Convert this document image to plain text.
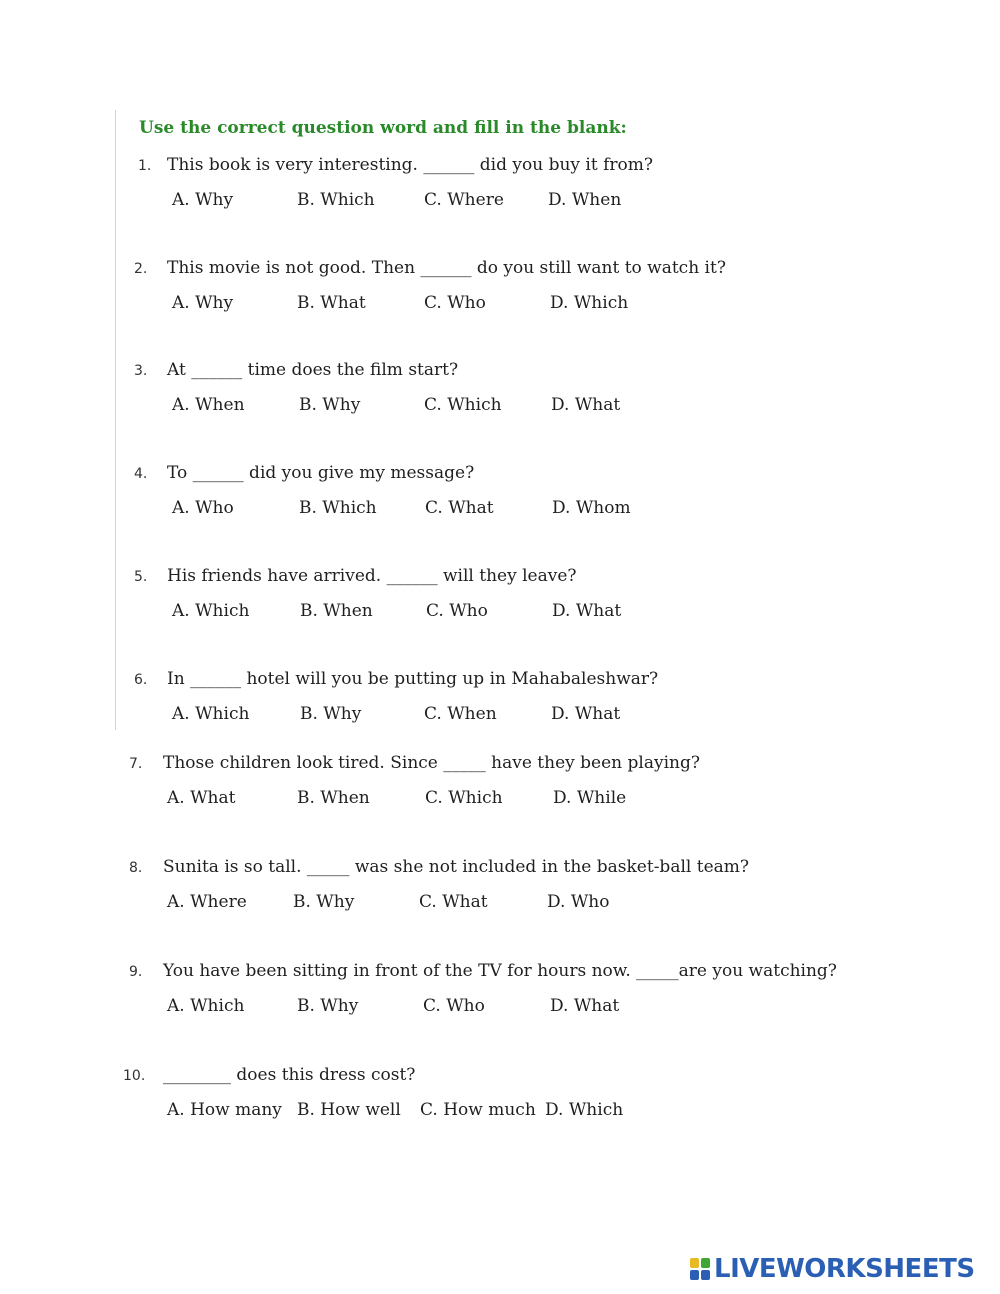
Use the correct question word and fill in the blank:
1. This book is very interesting. ______ did you buy it from?
A. Why	B. Which	C. Where	D. When
2. This movie is not good. Then ______ do you still want to watch it?
A. Why	B. What	C. Who	D. Which
3. At ______ time does the film start?
A. When	B. Why	C. Which	D. What
4. To ______ did you give my message?
A. Who	B. Which	C. What	D. Whom
5. His friends have arrived. ______ will they leave?
A. Which	B. When	C. Who	D. What
6. In ______ hotel will you be putting up in Mahabaleshwar?
A. Which	B. Why	C. When	D. What
7. Those children look tired. Since _____ have they been playing?
A. What	B. When	C. Which	D. While
8. Sunita is so tall. _____ was she not included in the basket-ball team?
A. Where	B. Why	C. What	D. Who
9. You have been sitting in front of the TV for hours now. _____are you watching?
A. Which	B. Why	C. Who	D. What
10. ________ does this dress cost?
A. How many B. How well C. How much D. Which
LIVEWORKSHEETS
